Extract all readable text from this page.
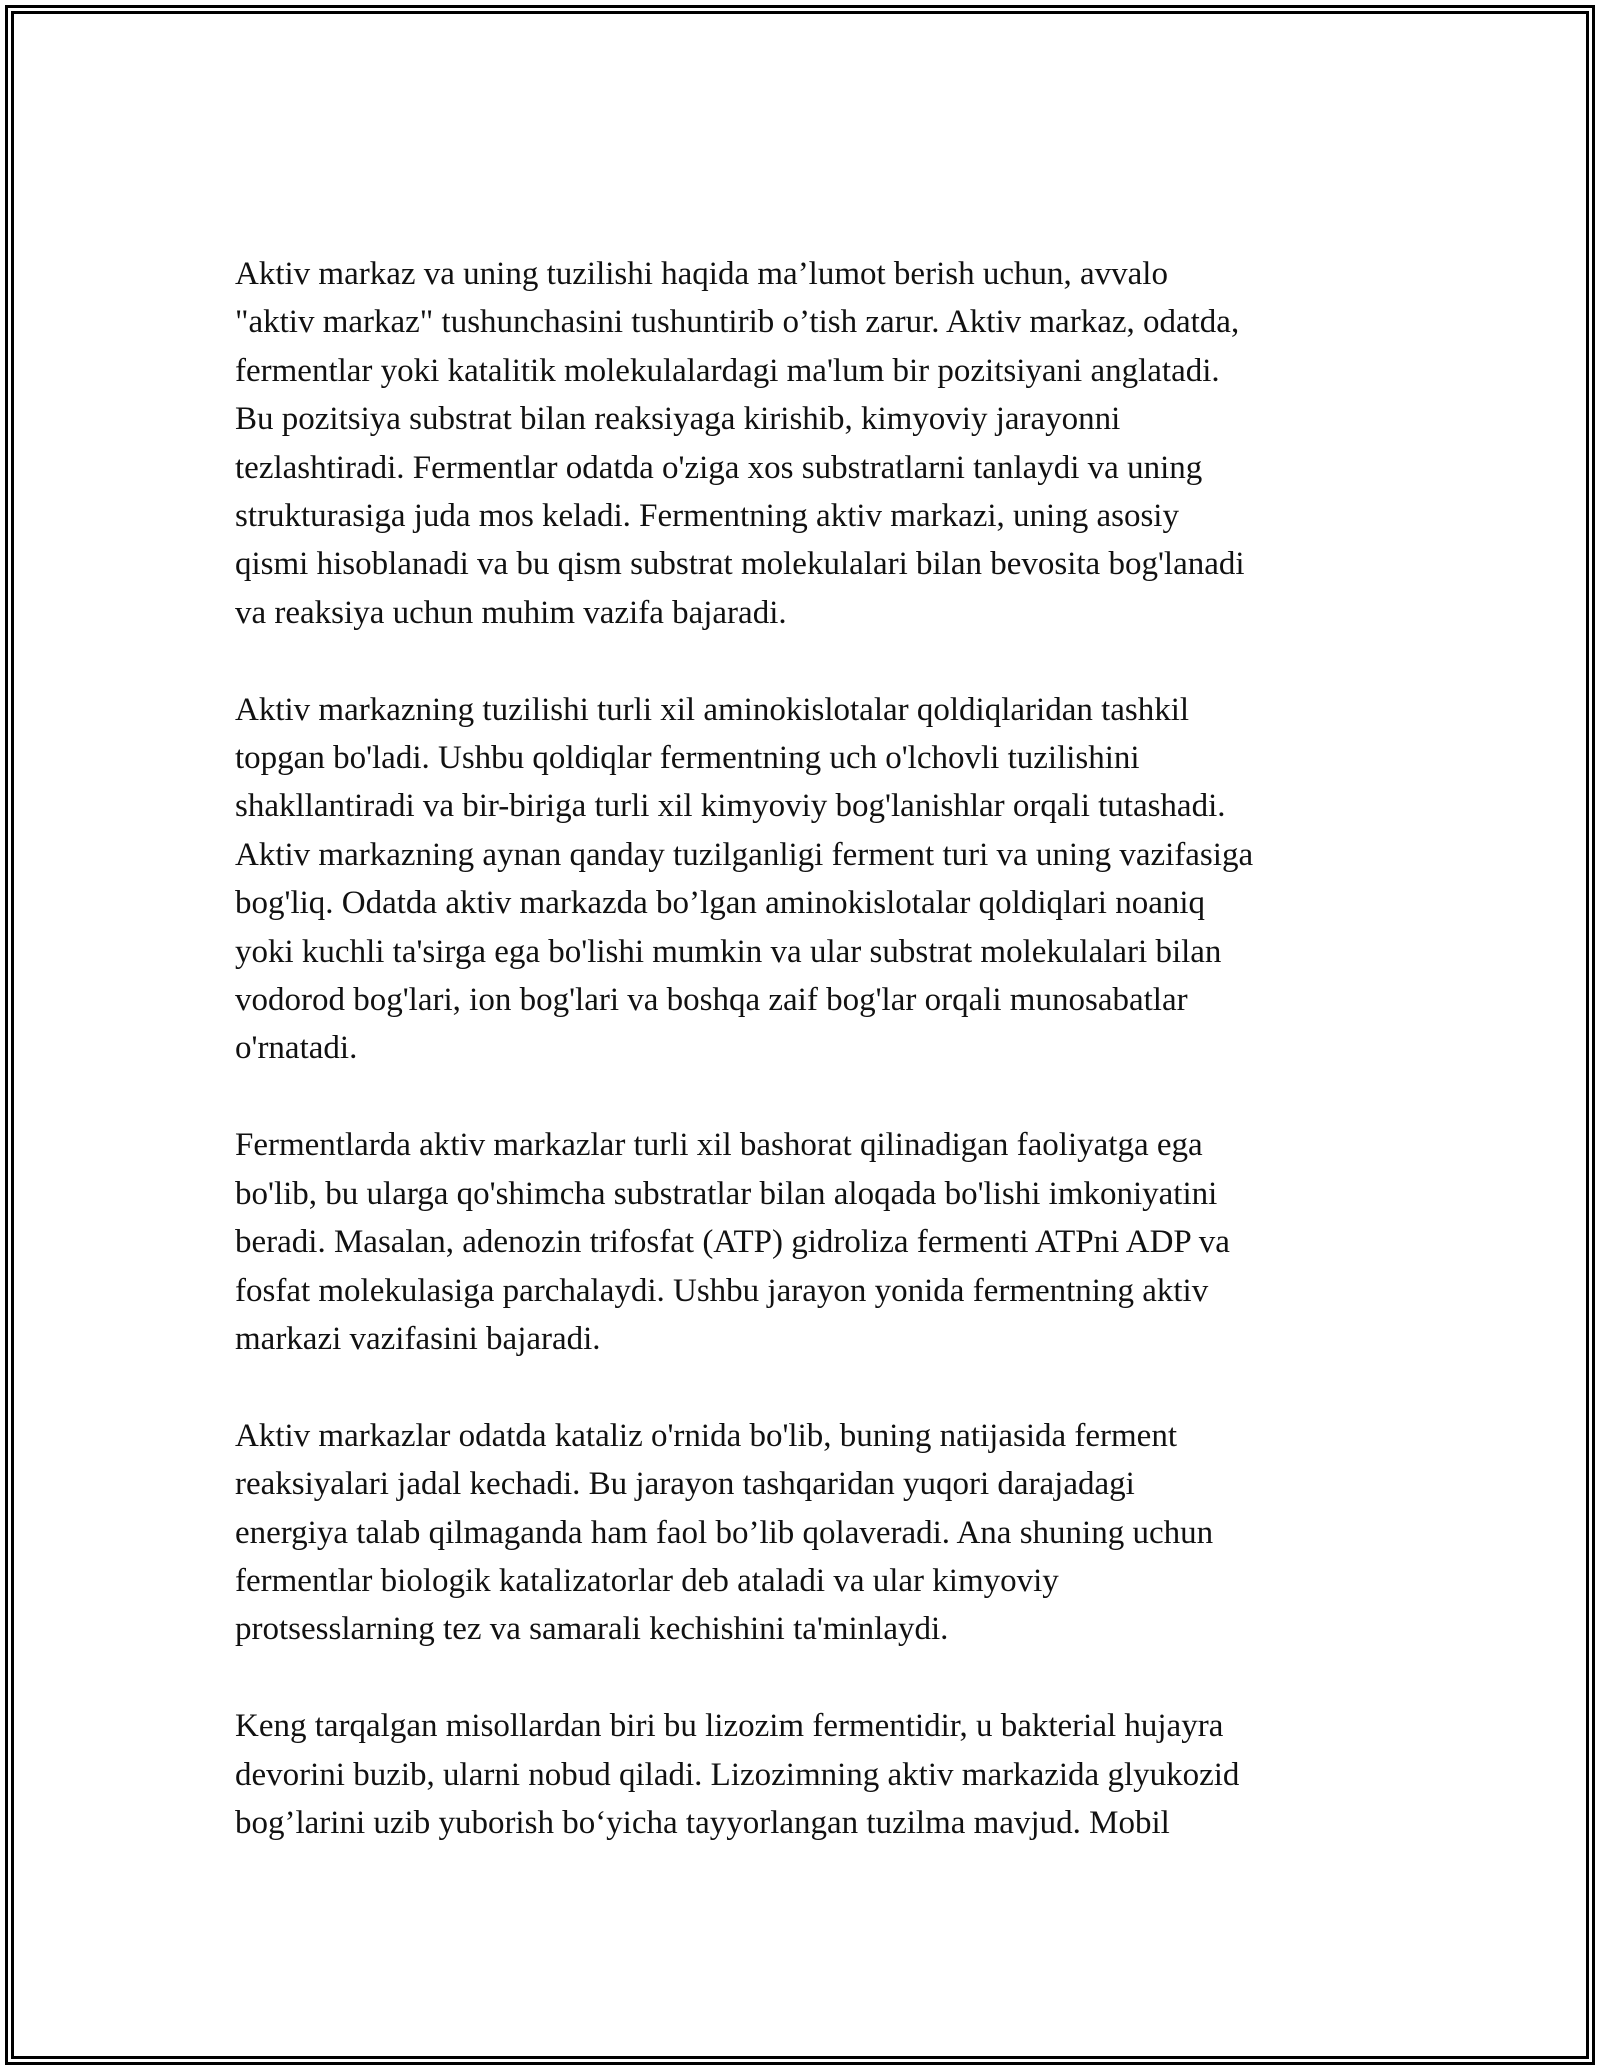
Aktiv markaz va uning tuzilishi haqida ma’lumot berish uchun, avvalo
"aktiv markaz" tushunchasini tushuntirib o’tish zarur. Aktiv markaz, odatda,
fermentlar yoki katalitik molekulalardagi ma'lum bir pozitsiyani anglatadi.
Bu pozitsiya substrat bilan reaksiyaga kirishib, kimyoviy jarayonni
tezlashtiradi. Fermentlar odatda o'ziga xos substratlarni tanlaydi va uning
strukturasiga juda mos keladi. Fermentning aktiv markazi, uning asosiy
qismi hisoblanadi va bu qism substrat molekulalari bilan bevosita bog'lanadi
va reaksiya uchun muhim vazifa bajaradi.

Aktiv markazning tuzilishi turli xil aminokislotalar qoldiqlaridan tashkil
topgan bo'ladi. Ushbu qoldiqlar fermentning uch o'lchovli tuzilishini
shakllantiradi va bir-biriga turli xil kimyoviy bog'lanishlar orqali tutashadi.
Aktiv markazning aynan qanday tuzilganligi ferment turi va uning vazifasiga
bog'liq. Odatda aktiv markazda bo’lgan aminokislotalar qoldiqlari noaniq
yoki kuchli ta'sirga ega bo'lishi mumkin va ular substrat molekulalari bilan
vodorod bog'lari, ion bog'lari va boshqa zaif bog'lar orqali munosabatlar
o'rnatadi.

Fermentlarda aktiv markazlar turli xil bashorat qilinadigan faoliyatga ega
bo'lib, bu ularga qo'shimcha substratlar bilan aloqada bo'lishi imkoniyatini
beradi. Masalan, adenozin trifosfat (ATP) gidroliza fermenti ATPni ADP va
fosfat molekulasiga parchalaydi. Ushbu jarayon yonida fermentning aktiv
markazi vazifasini bajaradi.

Aktiv markazlar odatda kataliz o'rnida bo'lib, buning natijasida ferment
reaksiyalari jadal kechadi. Bu jarayon tashqaridan yuqori darajadagi
energiya talab qilmaganda ham faol bo’lib qolaveradi. Ana shuning uchun
fermentlar biologik katalizatorlar deb ataladi va ular kimyoviy
protsesslarning tez va samarali kechishini ta'minlaydi.

Keng tarqalgan misollardan biri bu lizozim fermentidir, u bakterial hujayra
devorini buzib, ularni nobud qiladi. Lizozimning aktiv markazida glyukozid
bog’larini uzib yuborish bo‘yicha tayyorlangan tuzilma mavjud. Mobil
